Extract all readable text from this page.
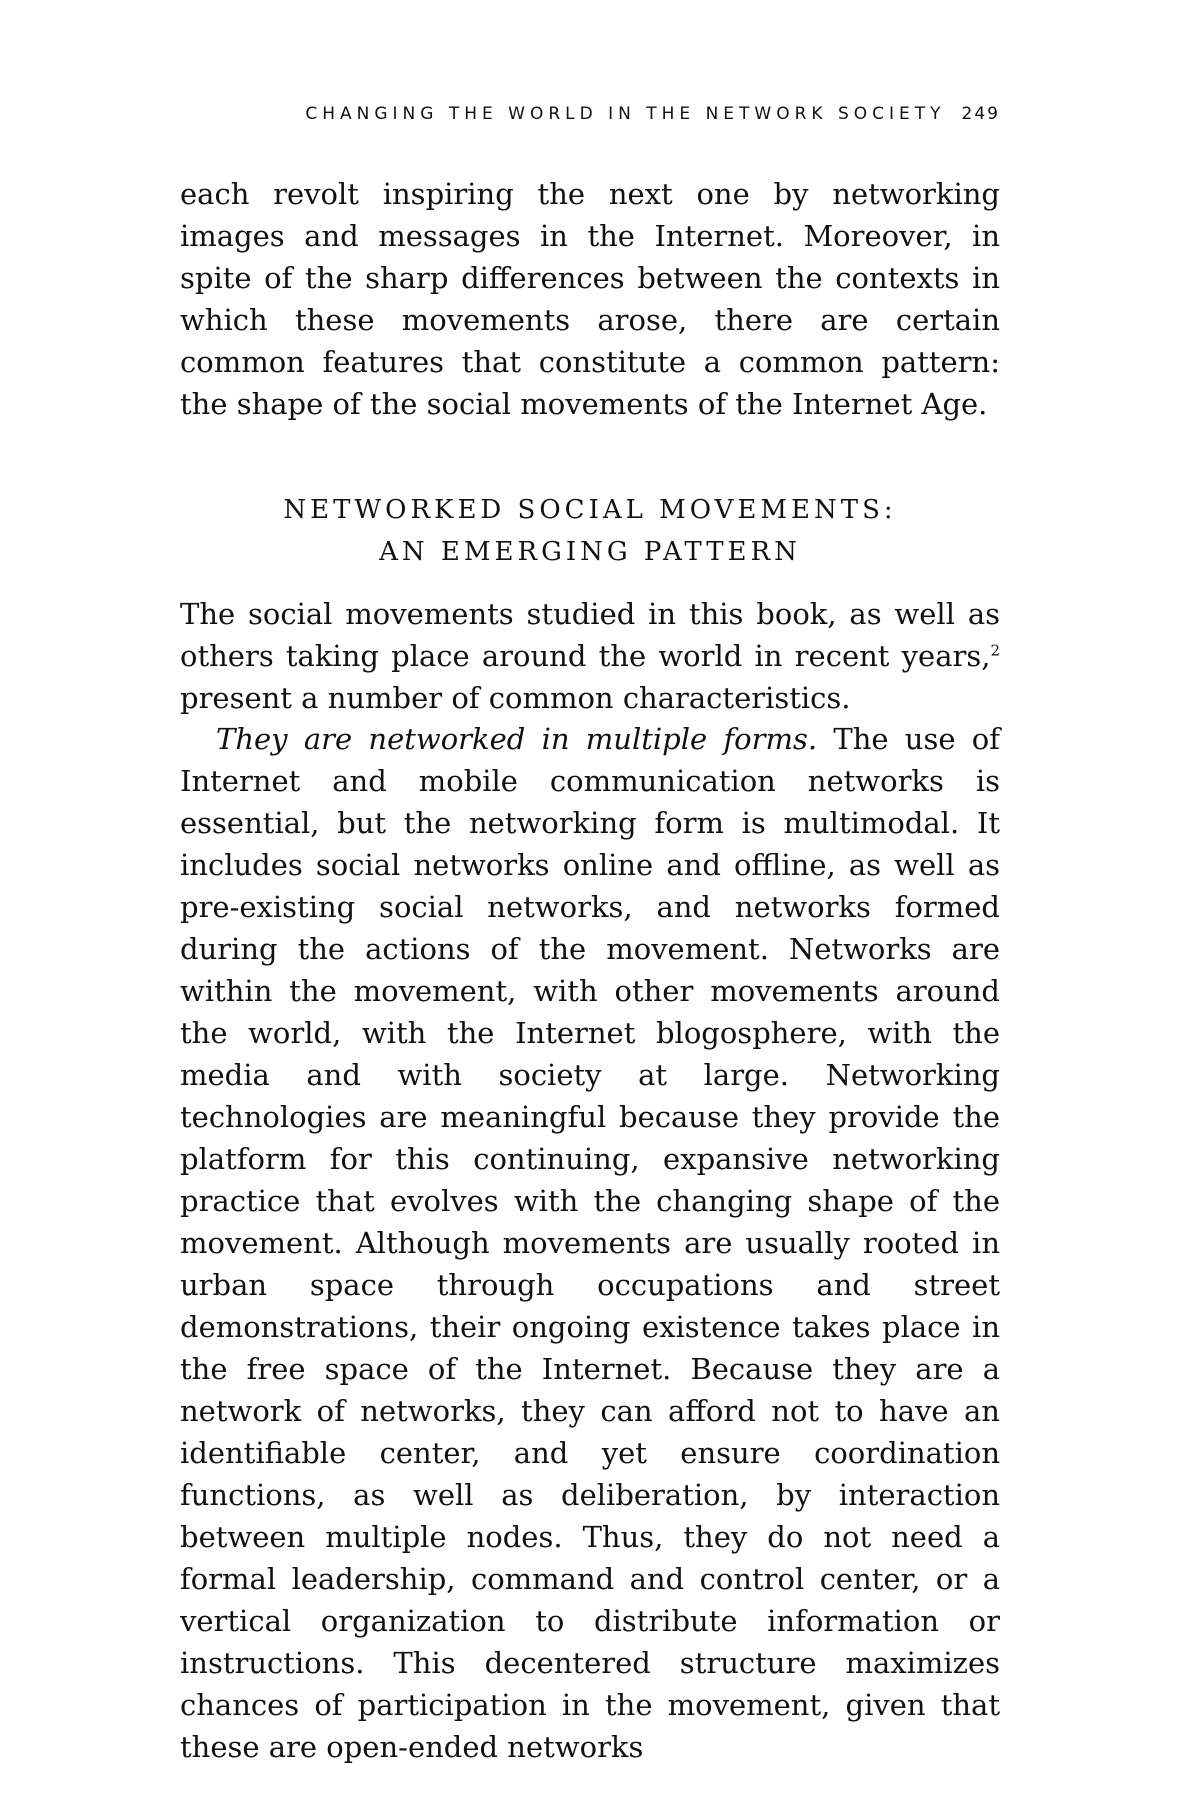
CHANGING THE WORLD IN THE NETWORK SOCIETY 249

each revolt inspiring the next one by networking images and messages in the Internet. Moreover, in spite of the sharp differences between the contexts in which these movements arose, there are certain common features that constitute a common pattern: the shape of the social movements of the Internet Age.

NETWORKED SOCIAL MOVEMENTS:
AN EMERGING PATTERN

The social movements studied in this book, as well as others taking place around the world in recent years,$^2$ present a number of common characteristics.

They are networked in multiple forms. The use of Internet and mobile communication networks is essential, but the networking form is multimodal. It includes social networks online and offline, as well as pre-existing social networks, and networks formed during the actions of the movement. Networks are within the movement, with other movements around the world, with the Internet blogosphere, with the media and with society at large. Networking technologies are meaningful because they provide the platform for this continuing, expansive networking practice that evolves with the changing shape of the movement. Although movements are usually rooted in urban space through occupations and street demonstrations, their ongoing existence takes place in the free space of the Internet. Because they are a network of networks, they can afford not to have an identifiable center, and yet ensure coordination functions, as well as deliberation, by interaction between multiple nodes. Thus, they do not need a formal leadership, command and control center, or a vertical organization to distribute information or instructions. This decentered structure maximizes chances of participation in the movement, given that these are open-ended networks
